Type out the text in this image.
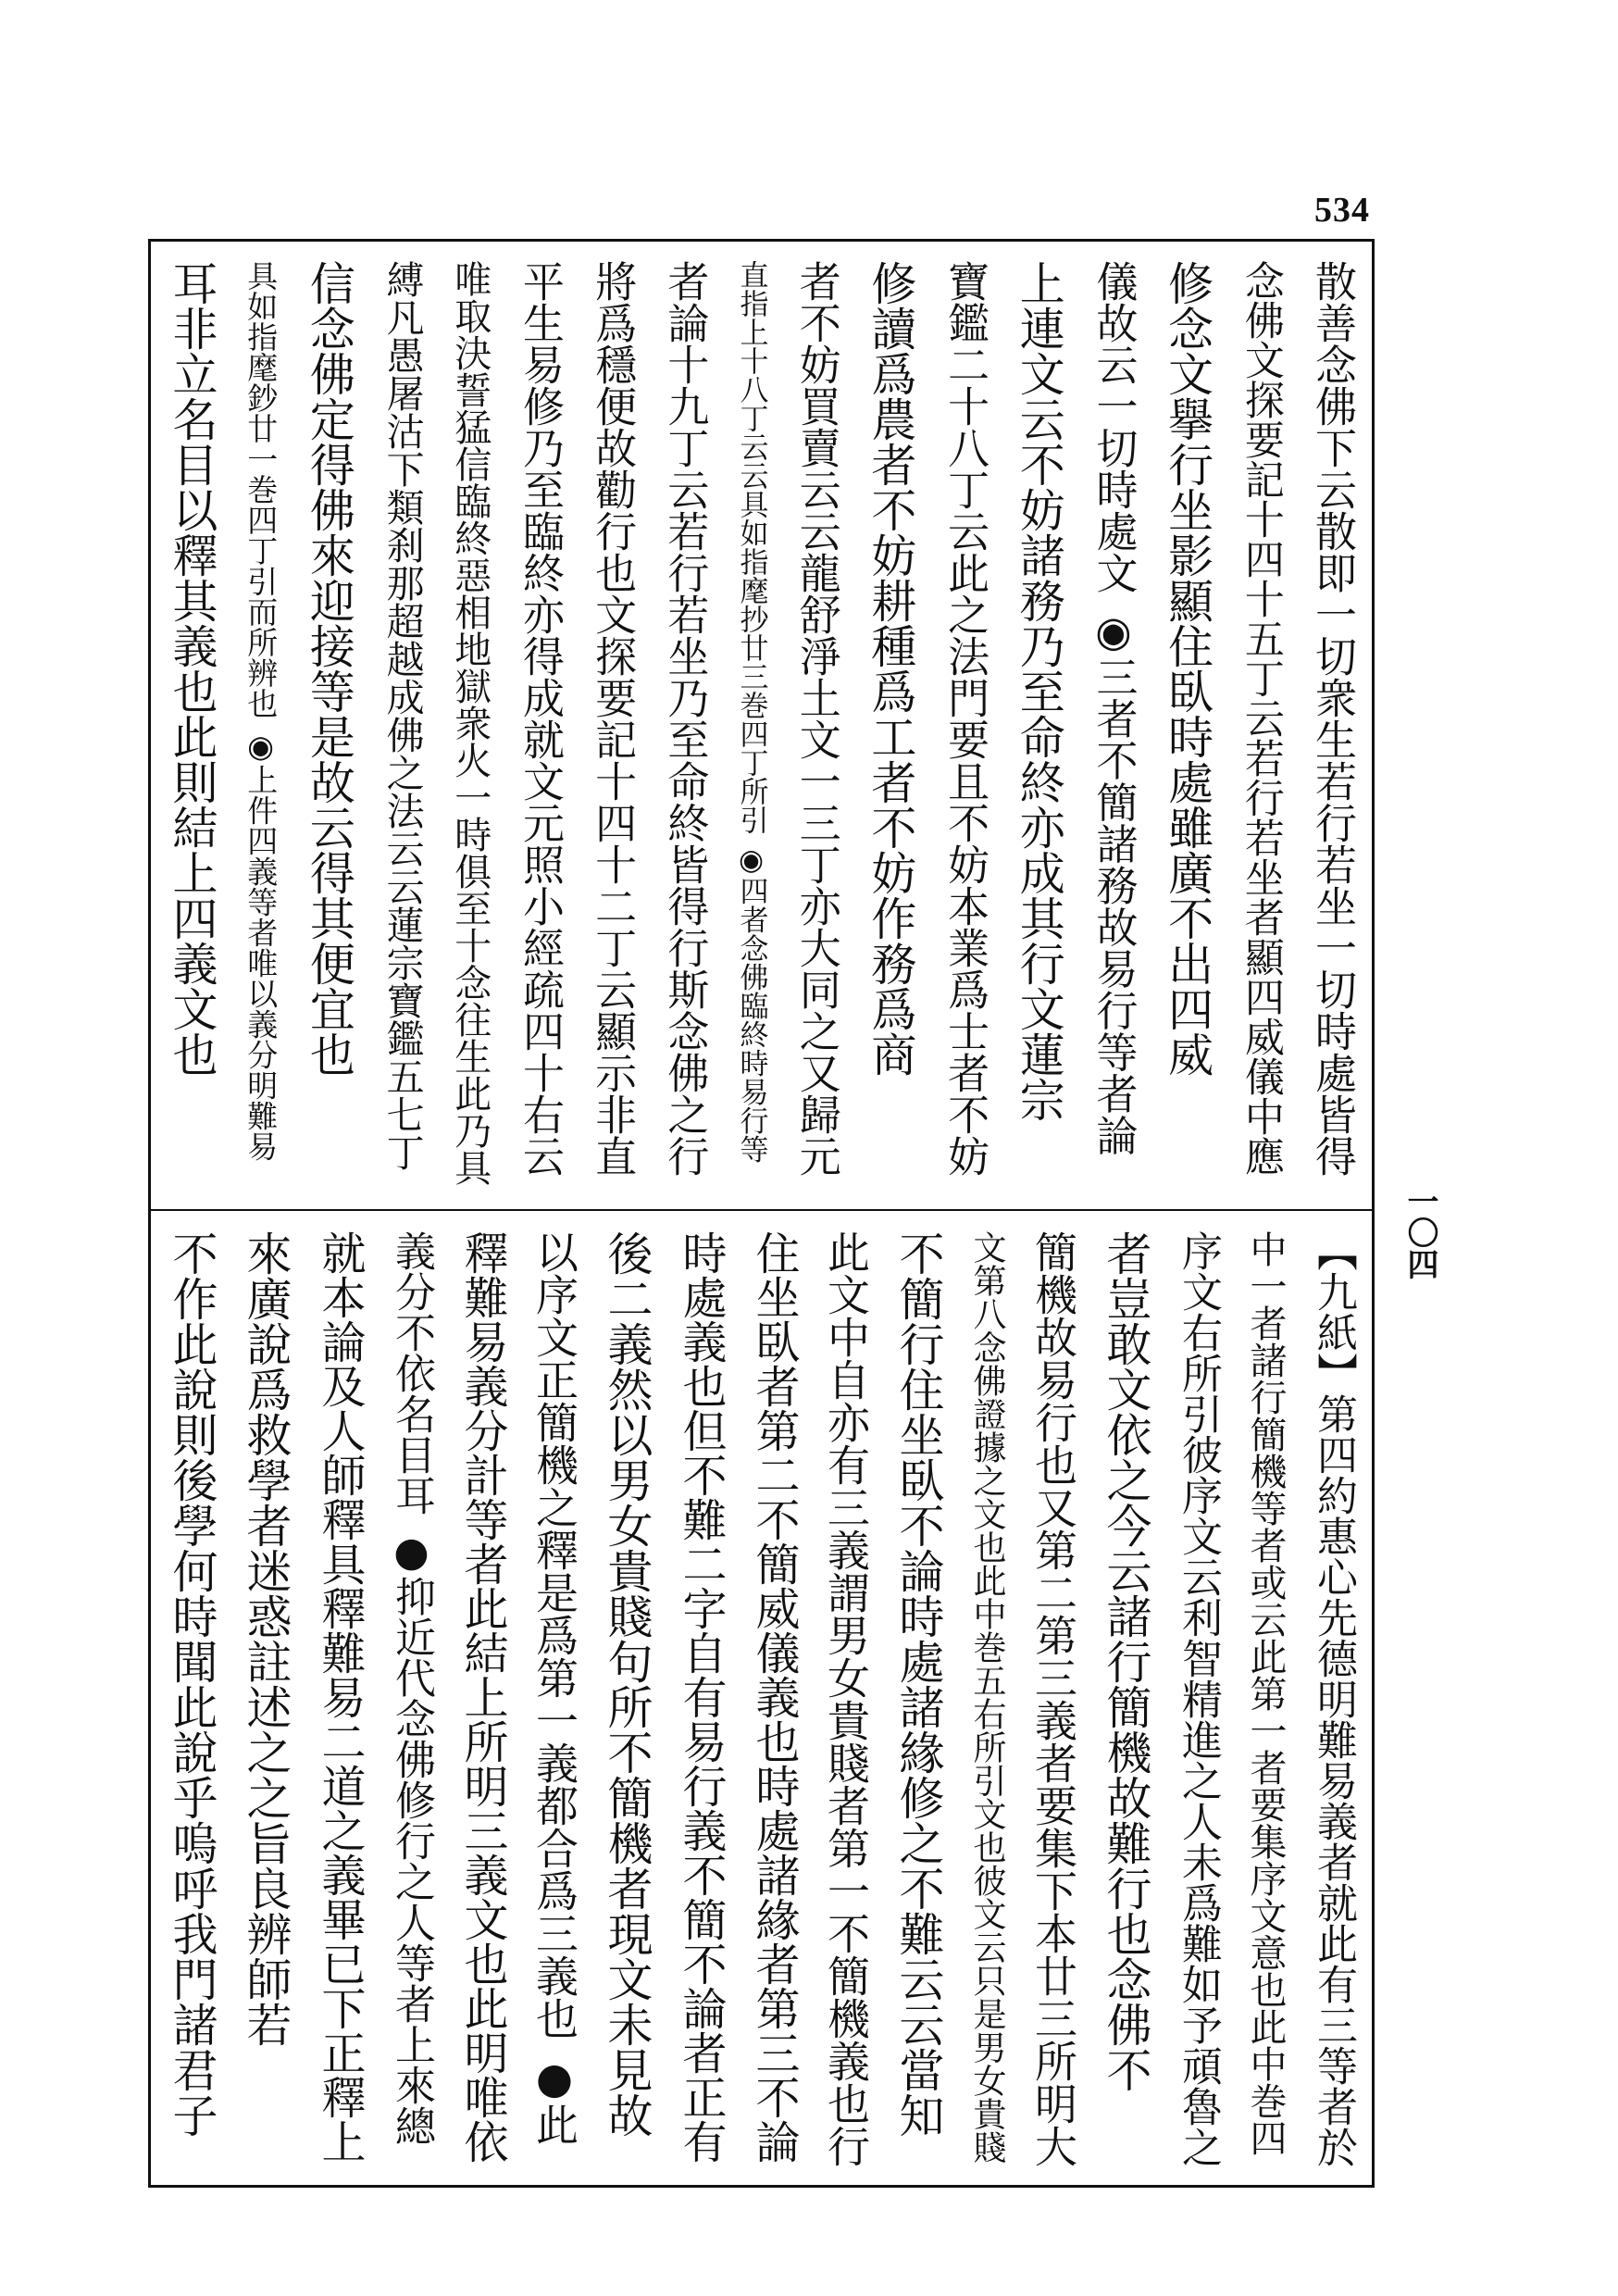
534
一〇四
散善念佛下云散即一切衆生若行若坐一切時處皆得
念佛文探要記十四十五丁云若行若坐者顯四威儀中應
修念文擧行坐影顯住臥時處雖廣不出四威
儀故云一切時處文 ◉三者不簡諸務故易行等者論
上連文云不妨諸務乃至命終亦成其行文蓮宗
寶鑑二十八丁云此之法門要且不妨本業爲士者不妨
修讀爲農者不妨耕種爲工者不妨作務爲商
者不妨買賣云云龍舒淨土文一三丁亦大同之又歸元
直指上十八丁云云具如指麾抄廿三巻四丁所引 ◉四者念佛臨終時易行等
者論十九丁云若行若坐乃至命終皆得行斯念佛之行
將爲穩便故勸行也文探要記十四十二丁云顯示非直
平生易修乃至臨終亦得成就文元照小經疏四十右云
唯取決誓猛信臨終惡相地獄衆火一時俱至十念往生此乃具
縛凡愚屠沽下類刹那超越成佛之法云云蓮宗寶鑑五七丁
信念佛定得佛來迎接等是故云得其便宜也
具如指麾鈔廿一巻四丁引而所辨也 ◉上件四義等者唯以義分明難易
耳非立名目以釋其義也此則結上四義文也
【九紙】第四約惠心先德明難易義者就此有三等者於
中一者諸行簡機等者或云此第一者要集序文意也此中巻四
序文右所引彼序文云利智精進之人未爲難如予頑魯之
者豈敢文依之今云諸行簡機故難行也念佛不
簡機故易行也又第二第三義者要集下本廿三所明大
文第八念佛證據之文也此中巻五右所引文也彼文云只是男女貴賤
不簡行住坐臥不論時處諸緣修之不難云云當知
此文中自亦有三義謂男女貴賤者第一不簡機義也行
住坐臥者第二不簡威儀義也時處諸緣者第三不論
時處義也但不難二字自有易行義不簡不論者正有
後二義然以男女貴賤句所不簡機者現文未見故
以序文正簡機之釋是爲第一義都合爲三義也 ●此
釋難易義分計等者此結上所明三義文也此明唯依
義分不依名目耳 ●抑近代念佛修行之人等者上來總
就本論及人師釋具釋難易二道之義畢已下正釋上
來廣說爲救學者迷惑註述之之旨良辨師若
不作此說則後學何時聞此說乎嗚呼我門諸君子
